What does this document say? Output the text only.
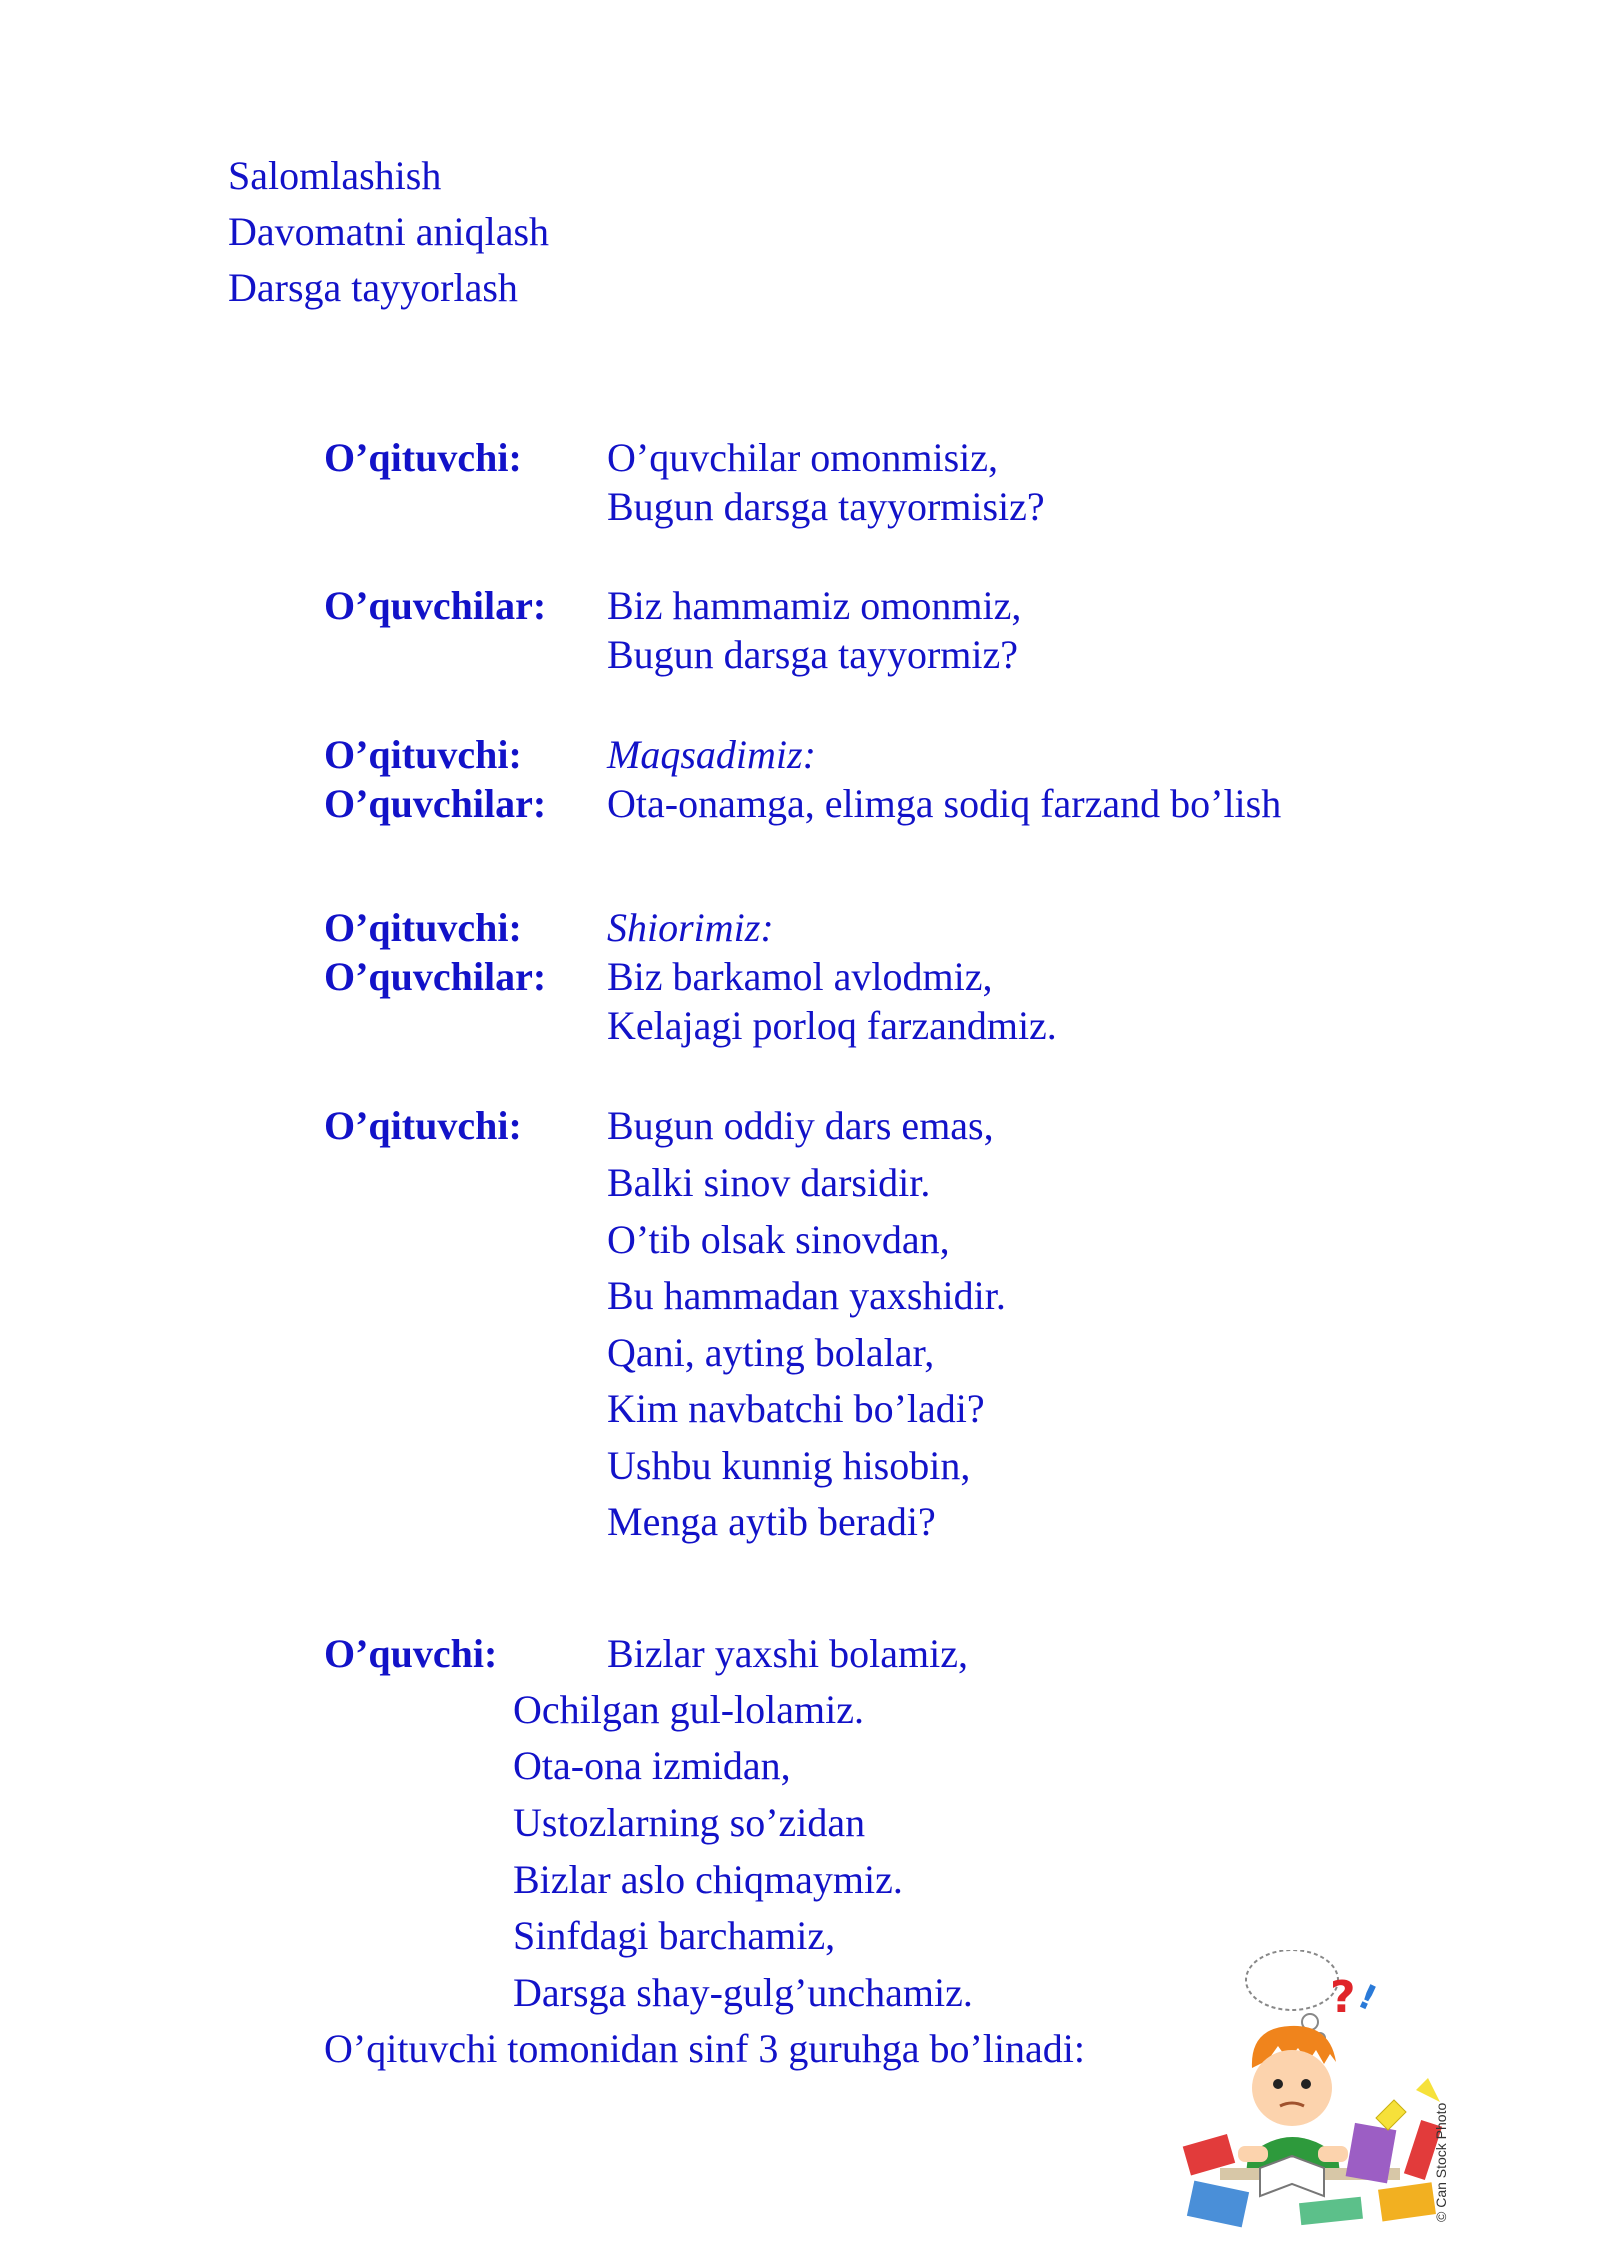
Salomlashish
Davomatni aniqlash
Darsga tayyorlash
O’qituvchi: O’quvchilar omonmisiz,
Bugun darsga tayyormisiz?
O’quvchilar: Biz hammamiz omonmiz,
Bugun darsga tayyormiz?
O’qituvchi: Maqsadimiz:
O’quvchilar: Ota-onamga, elimga sodiq farzand bo’lish
O’qituvchi: Shiorimiz:
O’quvchilar: Biz barkamol avlodmiz,
Kelajagi porloq farzandmiz.
O’qituvchi: Bugun oddiy dars emas,
Balki sinov darsidir.
O’tib olsak sinovdan,
Bu hammadan yaxshidir.
Qani, ayting bolalar,
Kim navbatchi bo’ladi?
Ushbu kunnig hisobin,
Menga aytib beradi?
O’quvchi:	Bizlar yaxshi bolamiz,
Ochilgan gul-lolamiz.
Ota-ona izmidan,
Ustozlarning so’zidan
Bizlar aslo chiqmaymiz.
Sinfdagi barchamiz,
Darsga shay-gulg’unchamiz.
O’qituvchi tomonidan sinf 3 guruhga bo’linadi:
?
!
© Can Stock Photo
